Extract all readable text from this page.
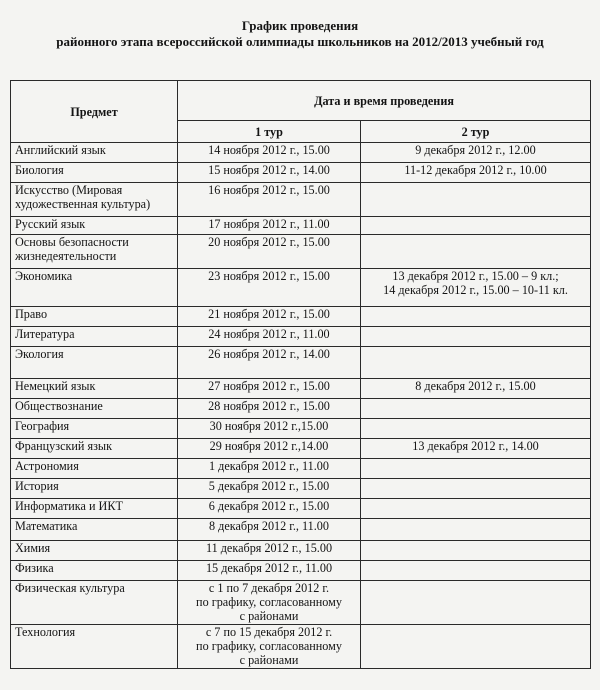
График проведения
районного этапа всероссийской олимпиады школьников на 2012/2013 учебный год
Предмет	Дата и время проведения	
	1 тур	2 тур
Английский язык	14 ноября 2012 г., 15.00	9 декабря 2012 г., 12.00
Биология	15 ноября 2012 г., 14.00	11-12 декабря 2012 г., 10.00
Искусство (Мировая художественная культура)	16 ноября 2012 г., 15.00	
Русский язык	17 ноября 2012 г., 11.00	
Основы безопасности жизнедеятельности	20 ноября 2012 г., 15.00	
Экономика	23 ноября 2012 г., 15.00	13 декабря 2012 г., 15.00 – 9 кл.;
14 декабря 2012 г., 15.00 – 10-11 кл.
Право	21 ноября 2012 г., 15.00	
Литература	24 ноября 2012 г., 11.00	
Экология	26 ноября 2012 г., 14.00	
Немецкий язык	27 ноября 2012 г., 15.00	8 декабря 2012 г., 15.00
Обществознание	28 ноября 2012 г., 15.00	
География	30 ноября 2012 г.,15.00	
Французский язык	29 ноября 2012 г.,14.00	13 декабря 2012 г., 14.00
Астрономия	1 декабря 2012 г., 11.00	
История	5 декабря 2012 г., 15.00	
Информатика и ИКТ	6 декабря 2012 г., 15.00	
Математика	8 декабря 2012 г., 11.00	
Химия	11 декабря 2012 г., 15.00	
Физика	15 декабря 2012 г., 11.00	
Физическая культура	с 1 по 7 декабря 2012 г.
по графику, согласованному
с районами	
Технология	с 7 по 15 декабря 2012 г.
по графику, согласованному
с районами	
